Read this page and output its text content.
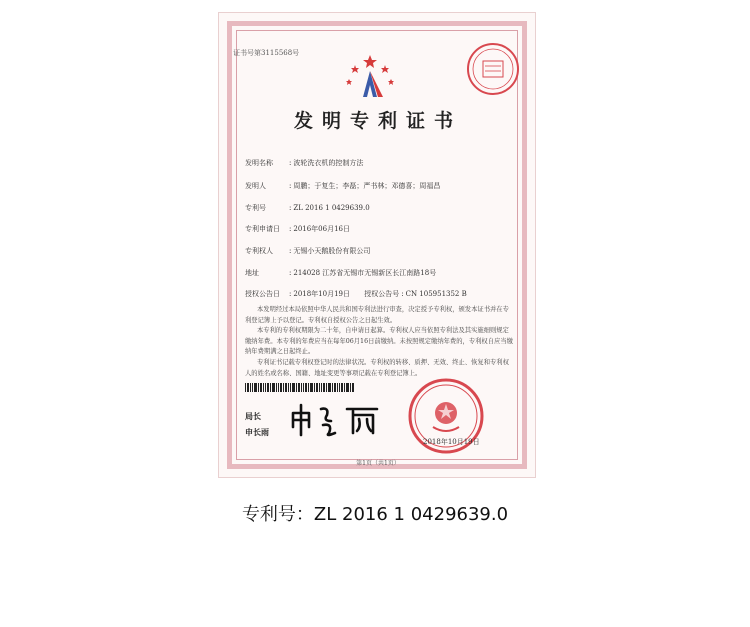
证书号第3115568号
发明专利证书
发明名称 : 波轮洗衣机的控制方法
发明人	: 周鹏；于复生；李磊；严书林；邓德喜；周福昌
专利号	: ZL 2016 1 0429639.0
专利申请日 : 2016年06月16日
专利权人 : 无锡小天鹅股份有限公司
地址	: 214028 江苏省无锡市无锡新区长江南路18号
授权公告日 : 2018年10月19日 授权公告号 : CN 105951352 B
本发明经过本局依照中华人民共和国专利法进行审查，决定授予专利权，颁发本证书并在专利登记簿上予以登记。专利权自授权公告之日起生效。
本专利的专利权期限为二十年，自申请日起算。专利权人应当依照专利法及其实施细则规定缴纳年费。本专利的年费应当在每年06月16日前缴纳。未按照规定缴纳年费的，专利权自应当缴纳年费期满之日起终止。
专利证书记载专利权登记时的法律状况。专利权的转移、质押、无效、终止、恢复和专利权人的姓名或名称、国籍、地址变更等事项记载在专利登记簿上。
局长
申长雨
2018年10月19日
第1页（共1页）
专利号：ZL 2016 1 0429639.0
